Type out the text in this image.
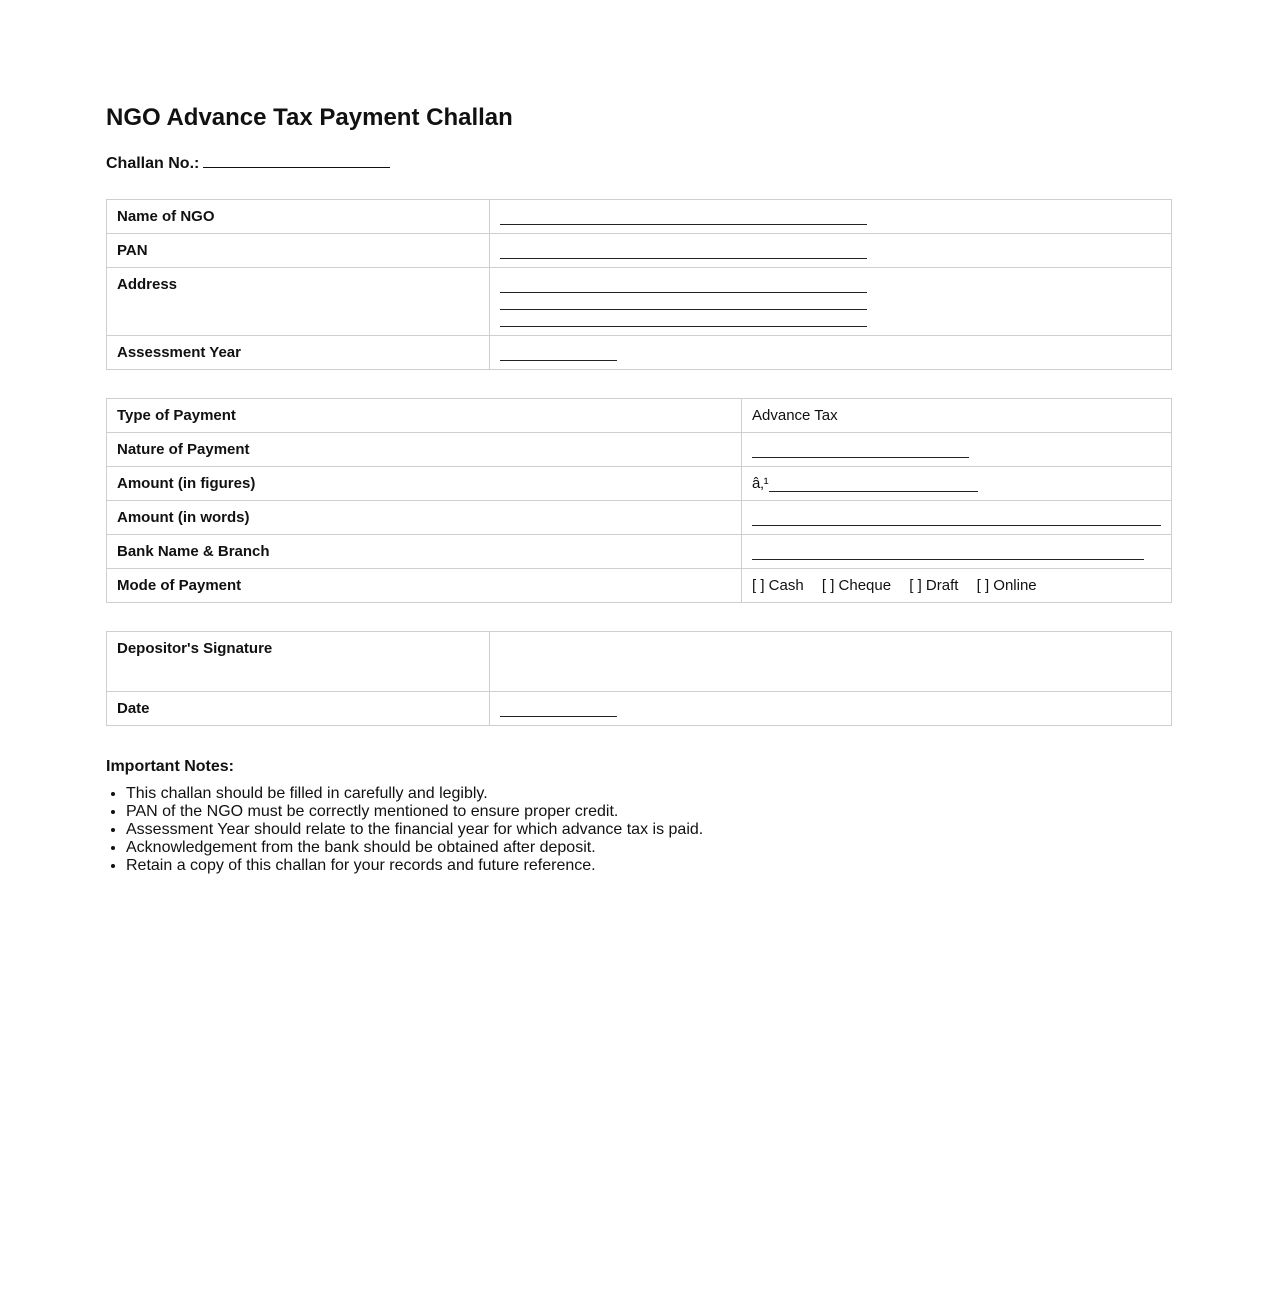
NGO Advance Tax Payment Challan
Challan No.:
Name of NGO	

PAN	

Address	

Assessment Year	
Type of Payment	Advance Tax
Nature of Payment	

Amount (in figures)	â‚¹

Amount (in words)	

Bank Name & Branch	

Mode of Payment	[ ] Cash [ ] Cheque [ ] Draft [ ] Online
Depositor's Signature	
Date	
Important Notes:
• This challan should be filled in carefully and legibly.
• PAN of the NGO must be correctly mentioned to ensure proper credit.
• Assessment Year should relate to the financial year for which advance tax is paid.
• Acknowledgement from the bank should be obtained after deposit.
• Retain a copy of this challan for your records and future reference.
